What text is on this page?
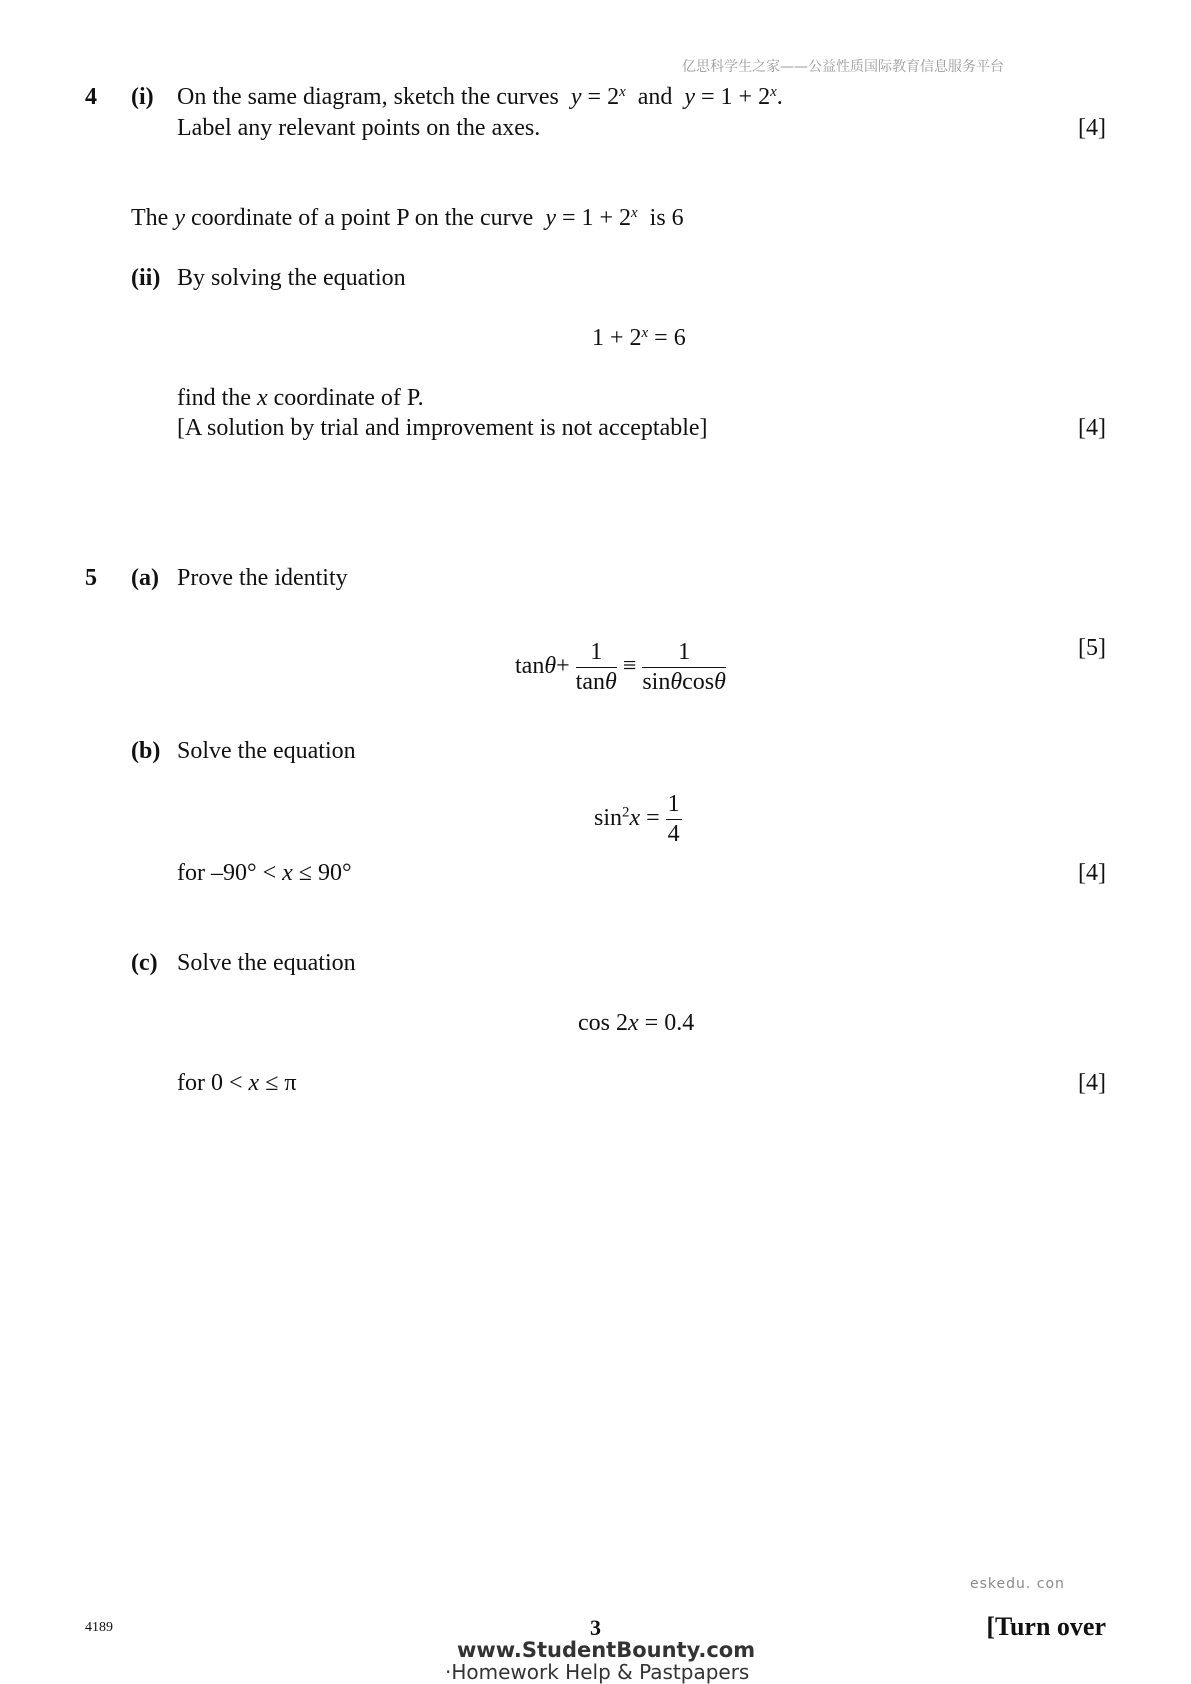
亿思科学生之家——公益性质国际教育信息服务平台
4 (i) On the same diagram, sketch the curves $y = 2^x$ and $y = 1 + 2^x$.
Label any relevant points on the axes.	[4]
The y coordinate of a point P on the curve $y = 1 + 2^x$ is 6
(ii) By solving the equation
$1 + 2^x = 6$
find the x coordinate of P.
[A solution by trial and improvement is not acceptable]	[4]
5 (a) Prove the identity
$\tan\theta+ \frac{1}{\tan\theta} \equiv \frac{1}{\sin\theta\cos\theta}$	[5]
(b) Solve the equation
$\sin^2x = \frac{1}{4}$
for –90° < x ≤ 90°	[4]
(c) Solve the equation
cos 2x = 0.4
for 0 < x ≤ π	[4]
eskedu. con
4189	3	[Turn over
www.StudentBounty.com
·Homework Help & Pastpapers
